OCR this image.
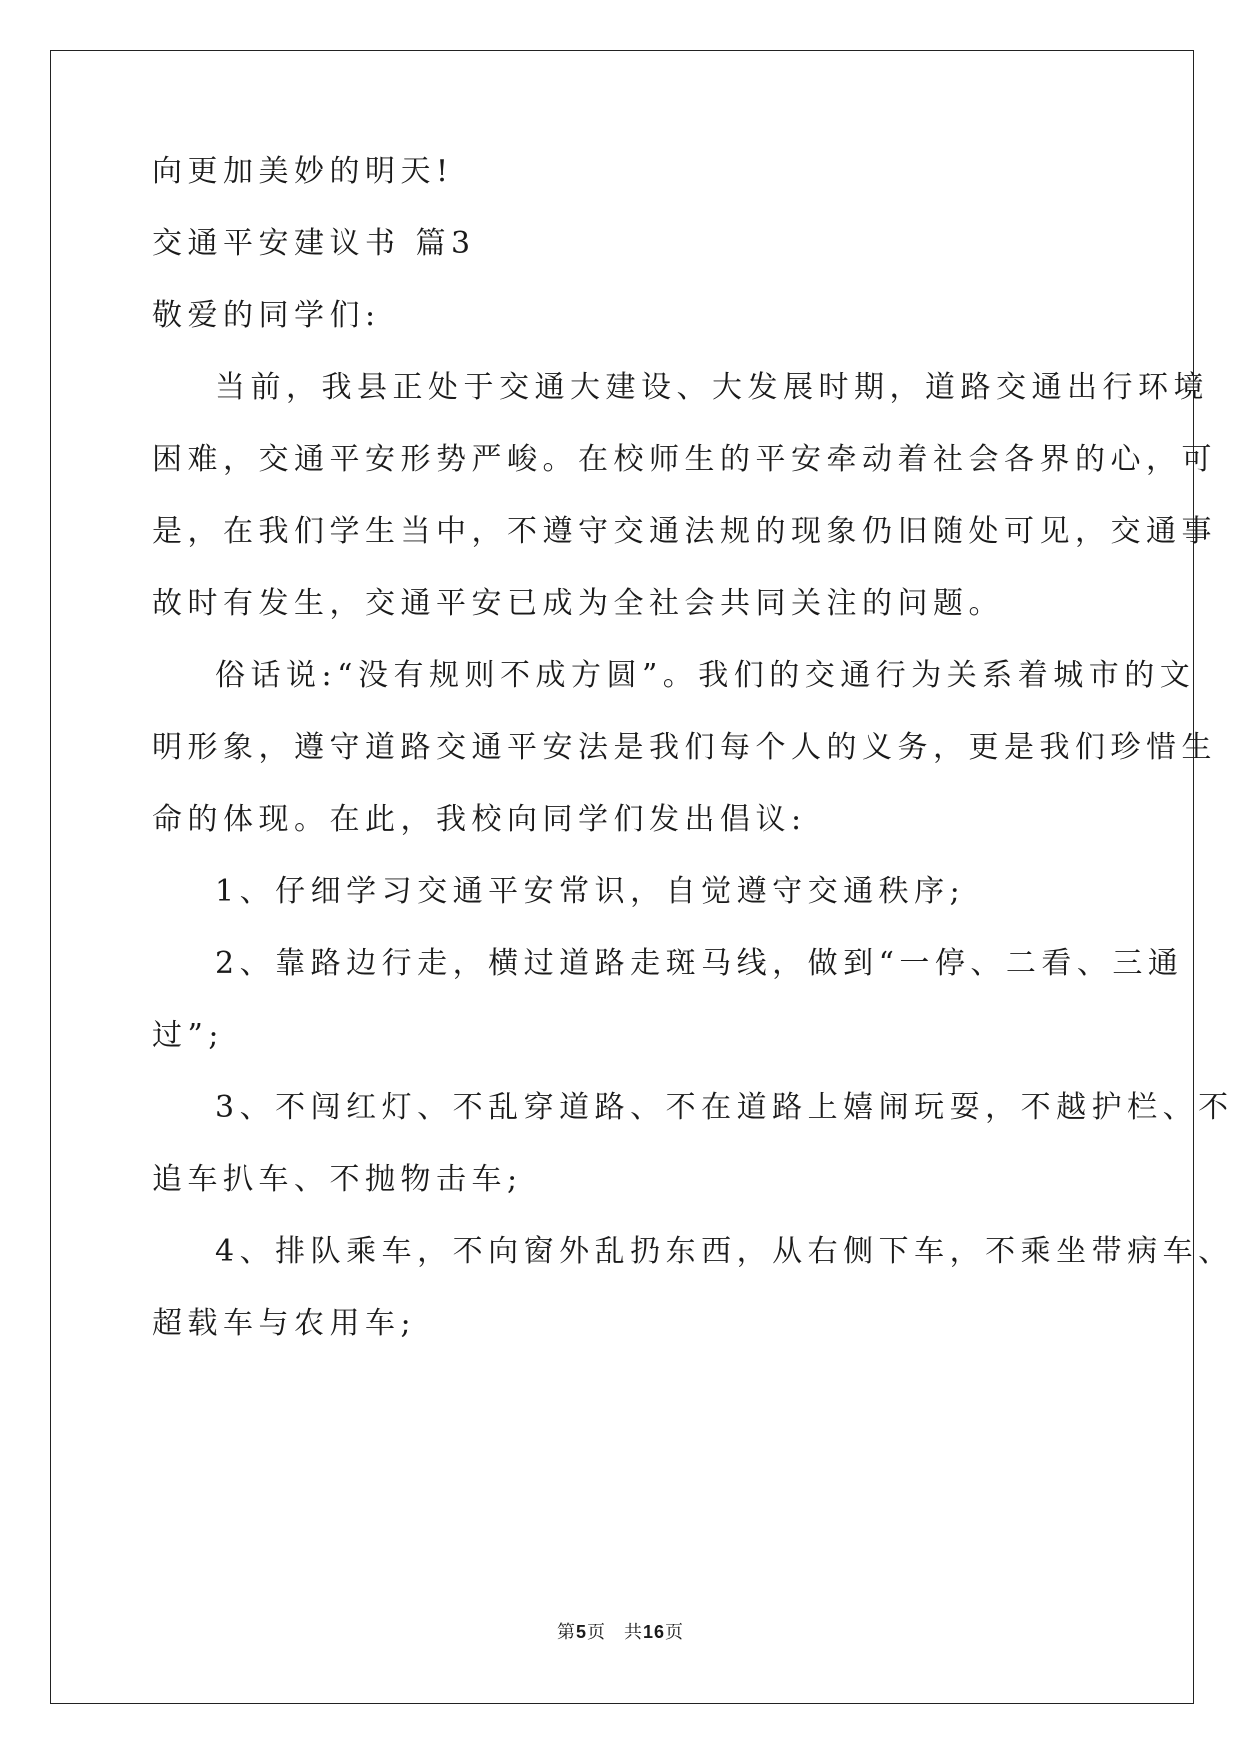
向更加美妙的明天!
交通平安建议书 篇3
敬爱的同学们:
当前，我县正处于交通大建设、大发展时期，道路交通出行环境
困难，交通平安形势严峻。在校师生的平安牵动着社会各界的心，可
是，在我们学生当中，不遵守交通法规的现象仍旧随处可见，交通事
故时有发生，交通平安已成为全社会共同关注的问题。
俗话说:“没有规则不成方圆”。我们的交通行为关系着城市的文
明形象，遵守道路交通平安法是我们每个人的义务，更是我们珍惜生
命的体现。在此，我校向同学们发出倡议:
1、仔细学习交通平安常识，自觉遵守交通秩序;
2、靠路边行走，横过道路走斑马线，做到“一停、二看、三通
过”;
3、不闯红灯、不乱穿道路、不在道路上嬉闹玩耍，不越护栏、不
追车扒车、不抛物击车;
4、排队乘车，不向窗外乱扔东西，从右侧下车，不乘坐带病车、
超载车与农用车;
第5页 共16页
